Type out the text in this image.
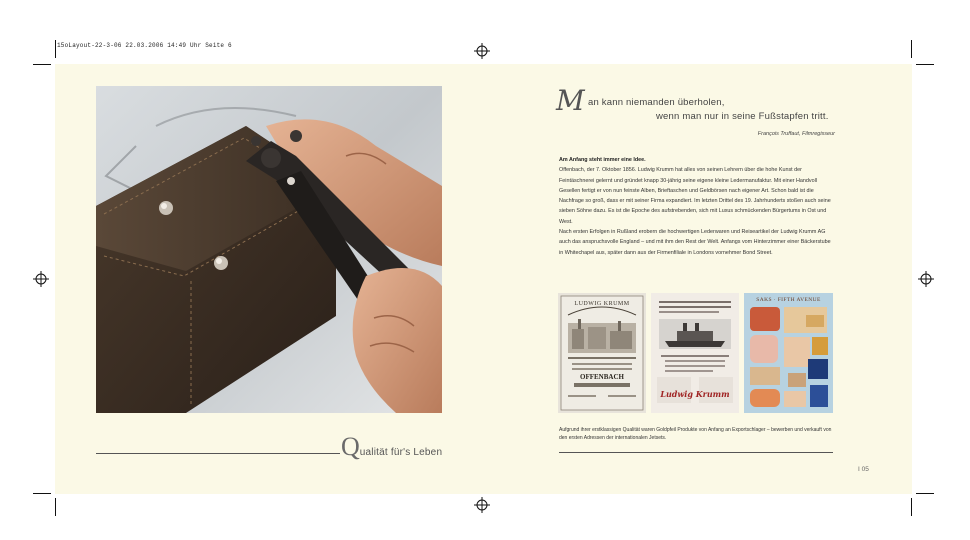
15oLayout-22-3-06 22.03.2006 14:49 Uhr Seite 6
Qualität für's Leben
M an kann niemanden überholen,
wenn man nur in seine Fußstapfen tritt.
François Truffaut, Filmregisseur
Am Anfang steht immer eine Idee.

Offenbach, der 7. Oktober 1856. Ludwig Krumm hat alles von seinen Lehrern über die hohe Kunst der Feintäschnerei gelernt und gründet knapp 30-jährig seine eigene kleine Ledermanufaktur. Mit einer Handvoll Gesellen fertigt er von nun feinste Alben, Brieftaschen und Geldbörsen nach eigener Art. Schon bald ist die Nachfrage so groß, dass er mit seiner Firma expandiert. Im letzten Drittel des 19. Jahrhunderts stoßen auch seine sieben Söhne dazu. Es ist die Epoche des aufstrebenden, sich mit Luxus schmückenden Bürgertums in Ost und West.

Nach ersten Erfolgen in Rußland erobern die hochwertigen Lederwaren und Reiseartikel der Ludwig Krumm AG auch das anspruchsvolle England – und mit ihm den Rest der Welt. Anfangs vom Hinterzimmer einer Bäckerstube in Whitechapel aus, später dann aus der Firmenfiliale in Londons vornehmer Bond Street.

LUDWIG KRUMM
OFFENBACH
Ludwig Krumm
SAKS · FIFTH AVENUE
Aufgrund ihrer erstklassigen Qualität waren Goldpfeil Produkte von Anfang an Exportschlager – bewerben und verkauft von den ersten Adressen der internationalen Jetsets.
I 05
